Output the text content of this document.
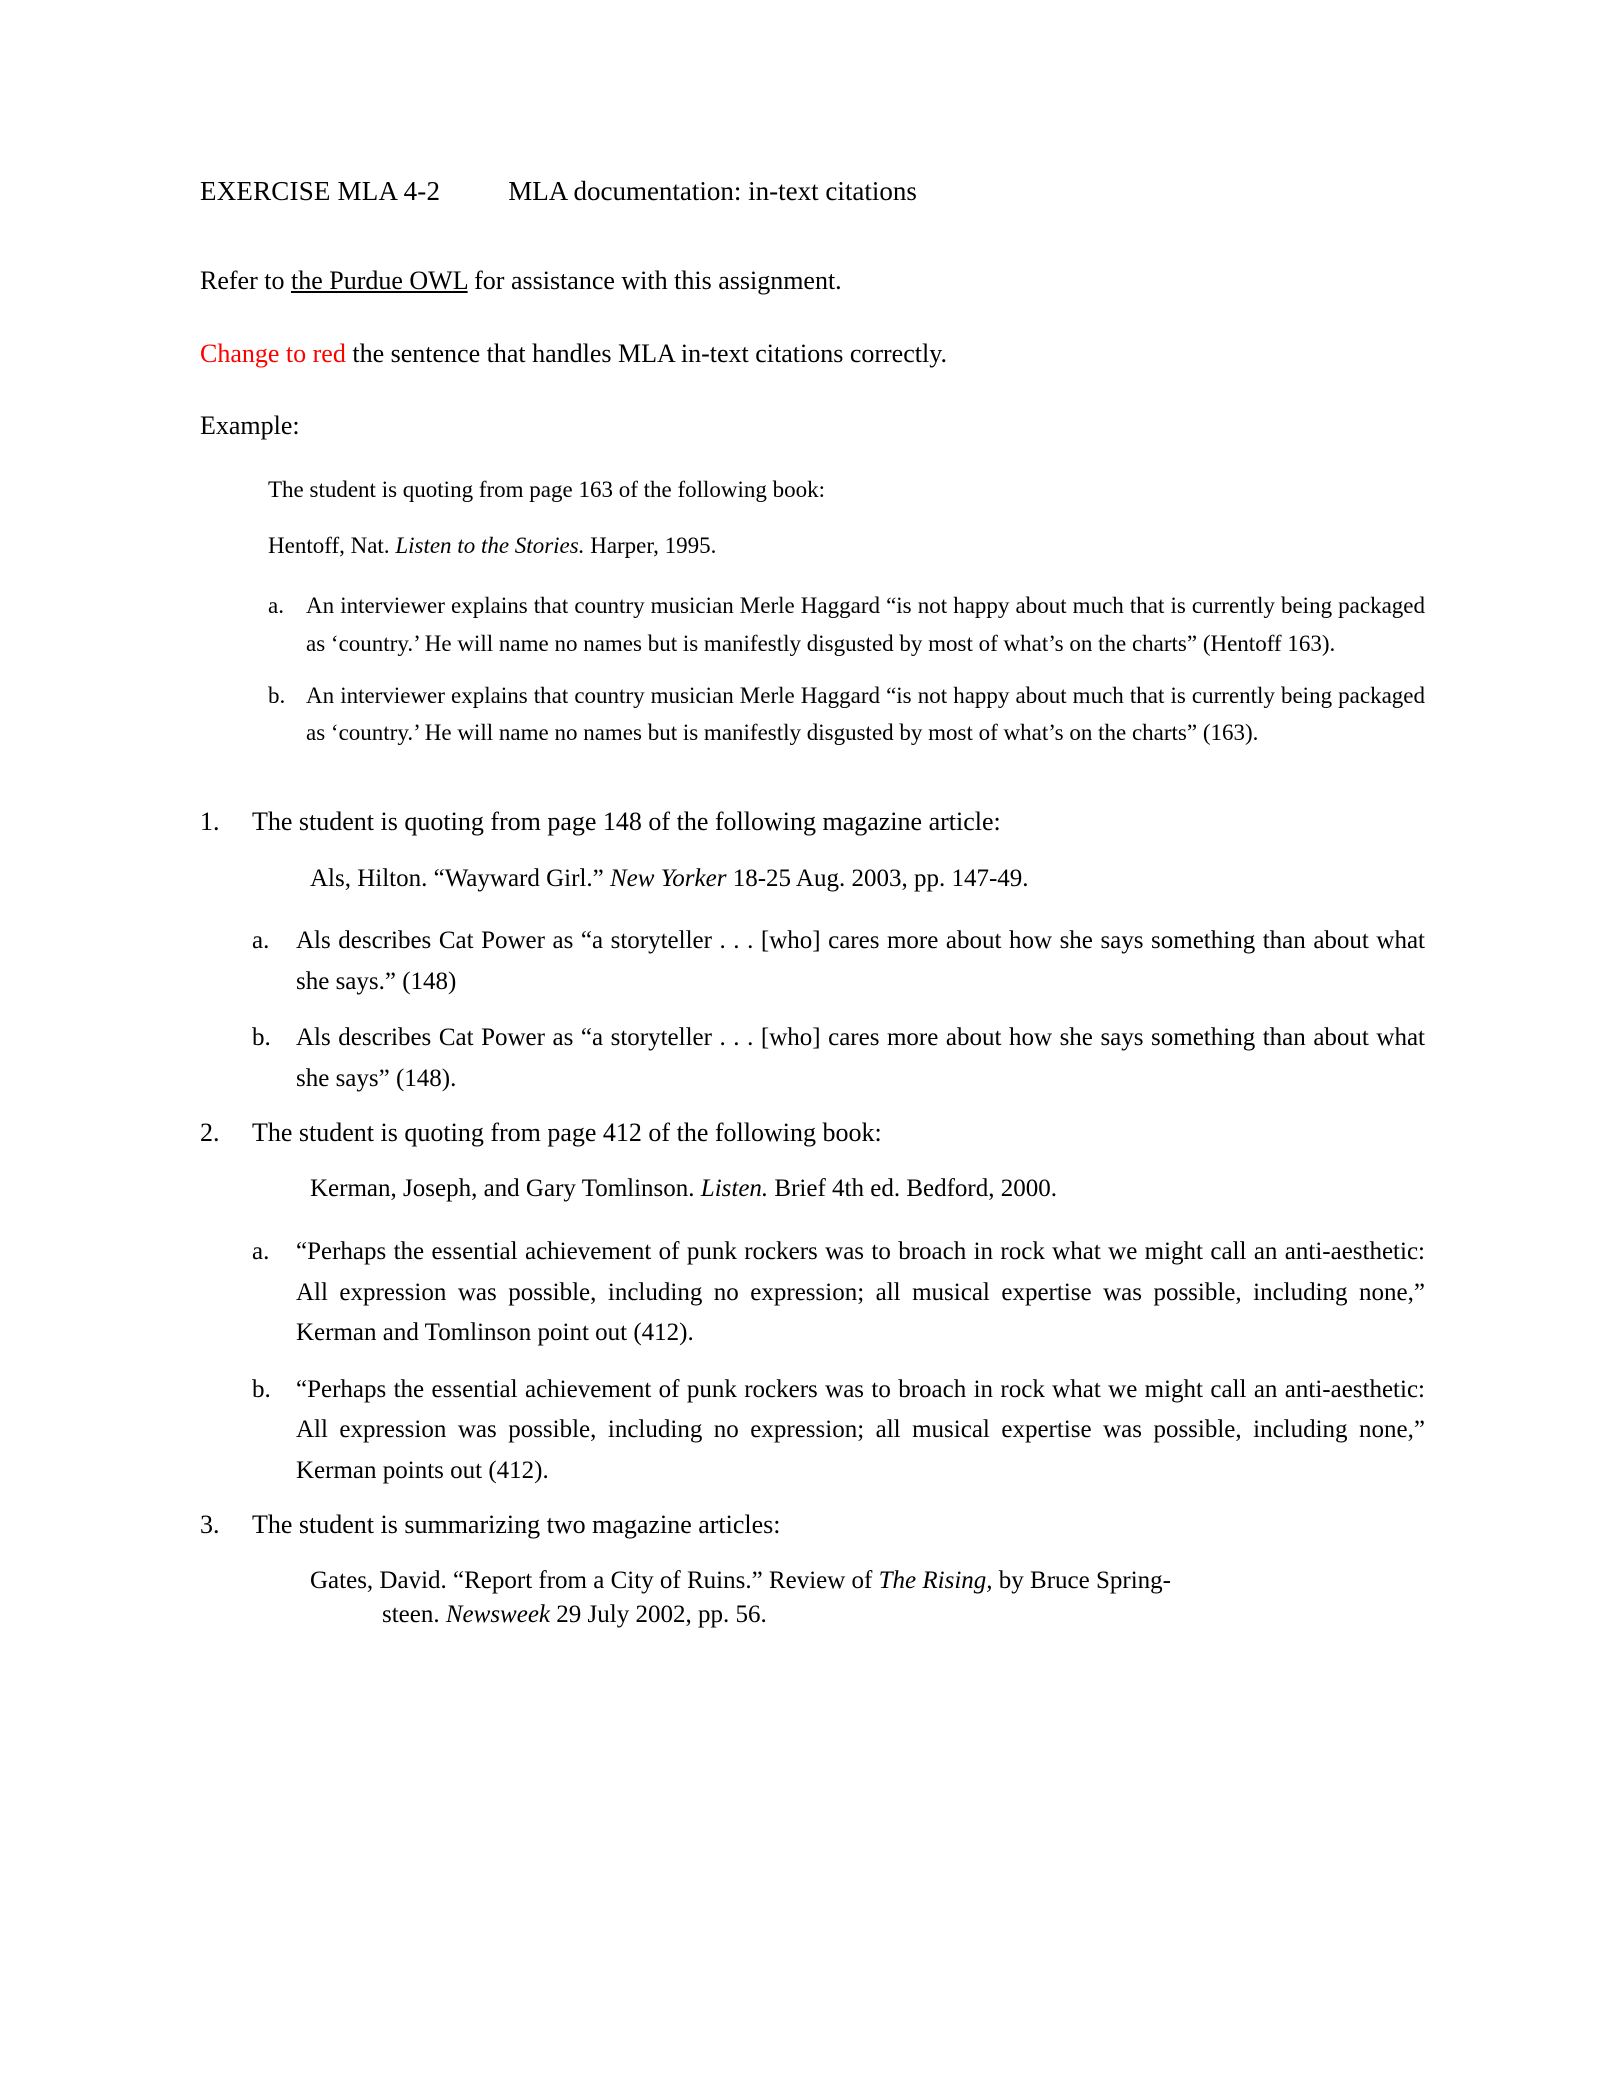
EXERCISE MLA 4-2	MLA documentation: in-text citations
Refer to the Purdue OWL for assistance with this assignment.
Change to red the sentence that handles MLA in-text citations correctly.
Example:
The student is quoting from page 163 of the following book:
Hentoff, Nat. Listen to the Stories. Harper, 1995.
a. An interviewer explains that country musician Merle Haggard “is not happy about much that is currently being packaged as ‘country.’ He will name no names but is manifestly disgusted by most of what’s on the charts” (Hentoff 163).
b. An interviewer explains that country musician Merle Haggard “is not happy about much that is currently being packaged as ‘country.’ He will name no names but is manifestly disgusted by most of what’s on the charts” (163).
1.	The student is quoting from page 148 of the following magazine article:
Als, Hilton. “Wayward Girl.” New Yorker 18-25 Aug. 2003, pp. 147-49.
a.	Als describes Cat Power as “a storyteller . . . [who] cares more about how she says something than about what she says.” (148)
b.	Als describes Cat Power as “a storyteller . . . [who] cares more about how she says something than about what she says” (148).
2.	The student is quoting from page 412 of the following book:
Kerman, Joseph, and Gary Tomlinson. Listen. Brief 4th ed. Bedford, 2000.
a.	“Perhaps the essential achievement of punk rockers was to broach in rock what we might call an anti-aesthetic: All expression was possible, including no expression; all musical expertise was possible, including none,” Kerman and Tomlinson point out (412).
b.	“Perhaps the essential achievement of punk rockers was to broach in rock what we might call an anti-aesthetic: All expression was possible, including no expression; all musical expertise was possible, including none,” Kerman points out (412).
3.	The student is summarizing two magazine articles:
Gates, David. “Report from a City of Ruins.” Review of The Rising, by Bruce Spring-
steen. Newsweek 29 July 2002, pp. 56.
